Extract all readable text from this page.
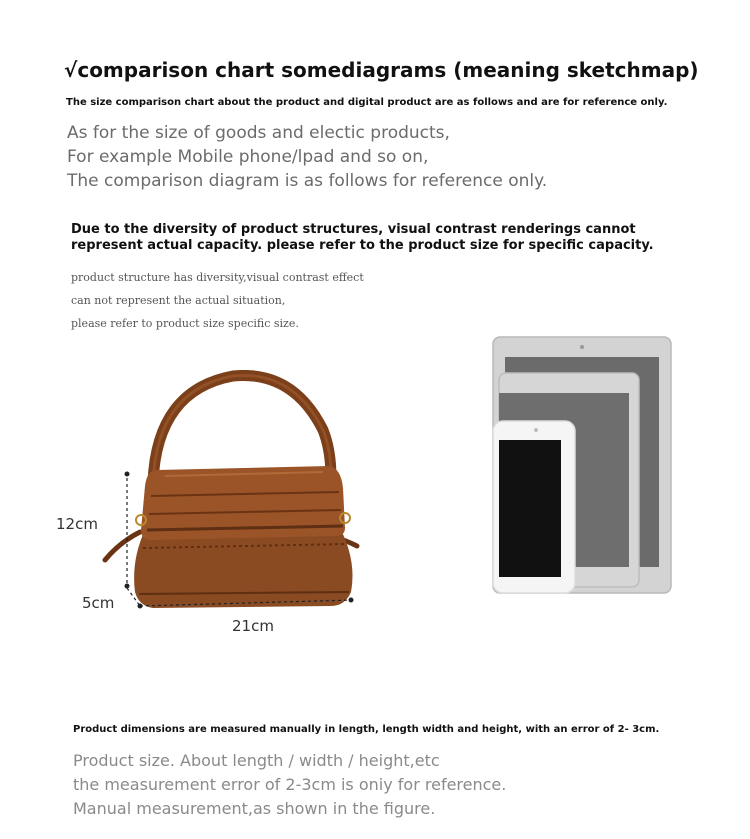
√comparison chart somediagrams (meaning sketchmap)
The size comparison chart about the product and digital product are as follows and are for reference only.
As for the size of goods and electic products,
For example Mobile phone/lpad and so on,
The comparison diagram is as follows for reference only.
Due to the diversity of product structures, visual contrast renderings cannot
represent actual capacity. please refer to the product size for specific capacity.
product structure has diversity,visual contrast effect
can not represent the actual situation,
please refer to product size specific size.
12cm
5cm
21cm
Product dimensions are measured manually in length, length width and height, with an error of 2- 3cm.
Product size. About length / width / height,etc
the measurement error of 2-3cm is oniy for reference.
Manual measurement,as shown in the figure.
